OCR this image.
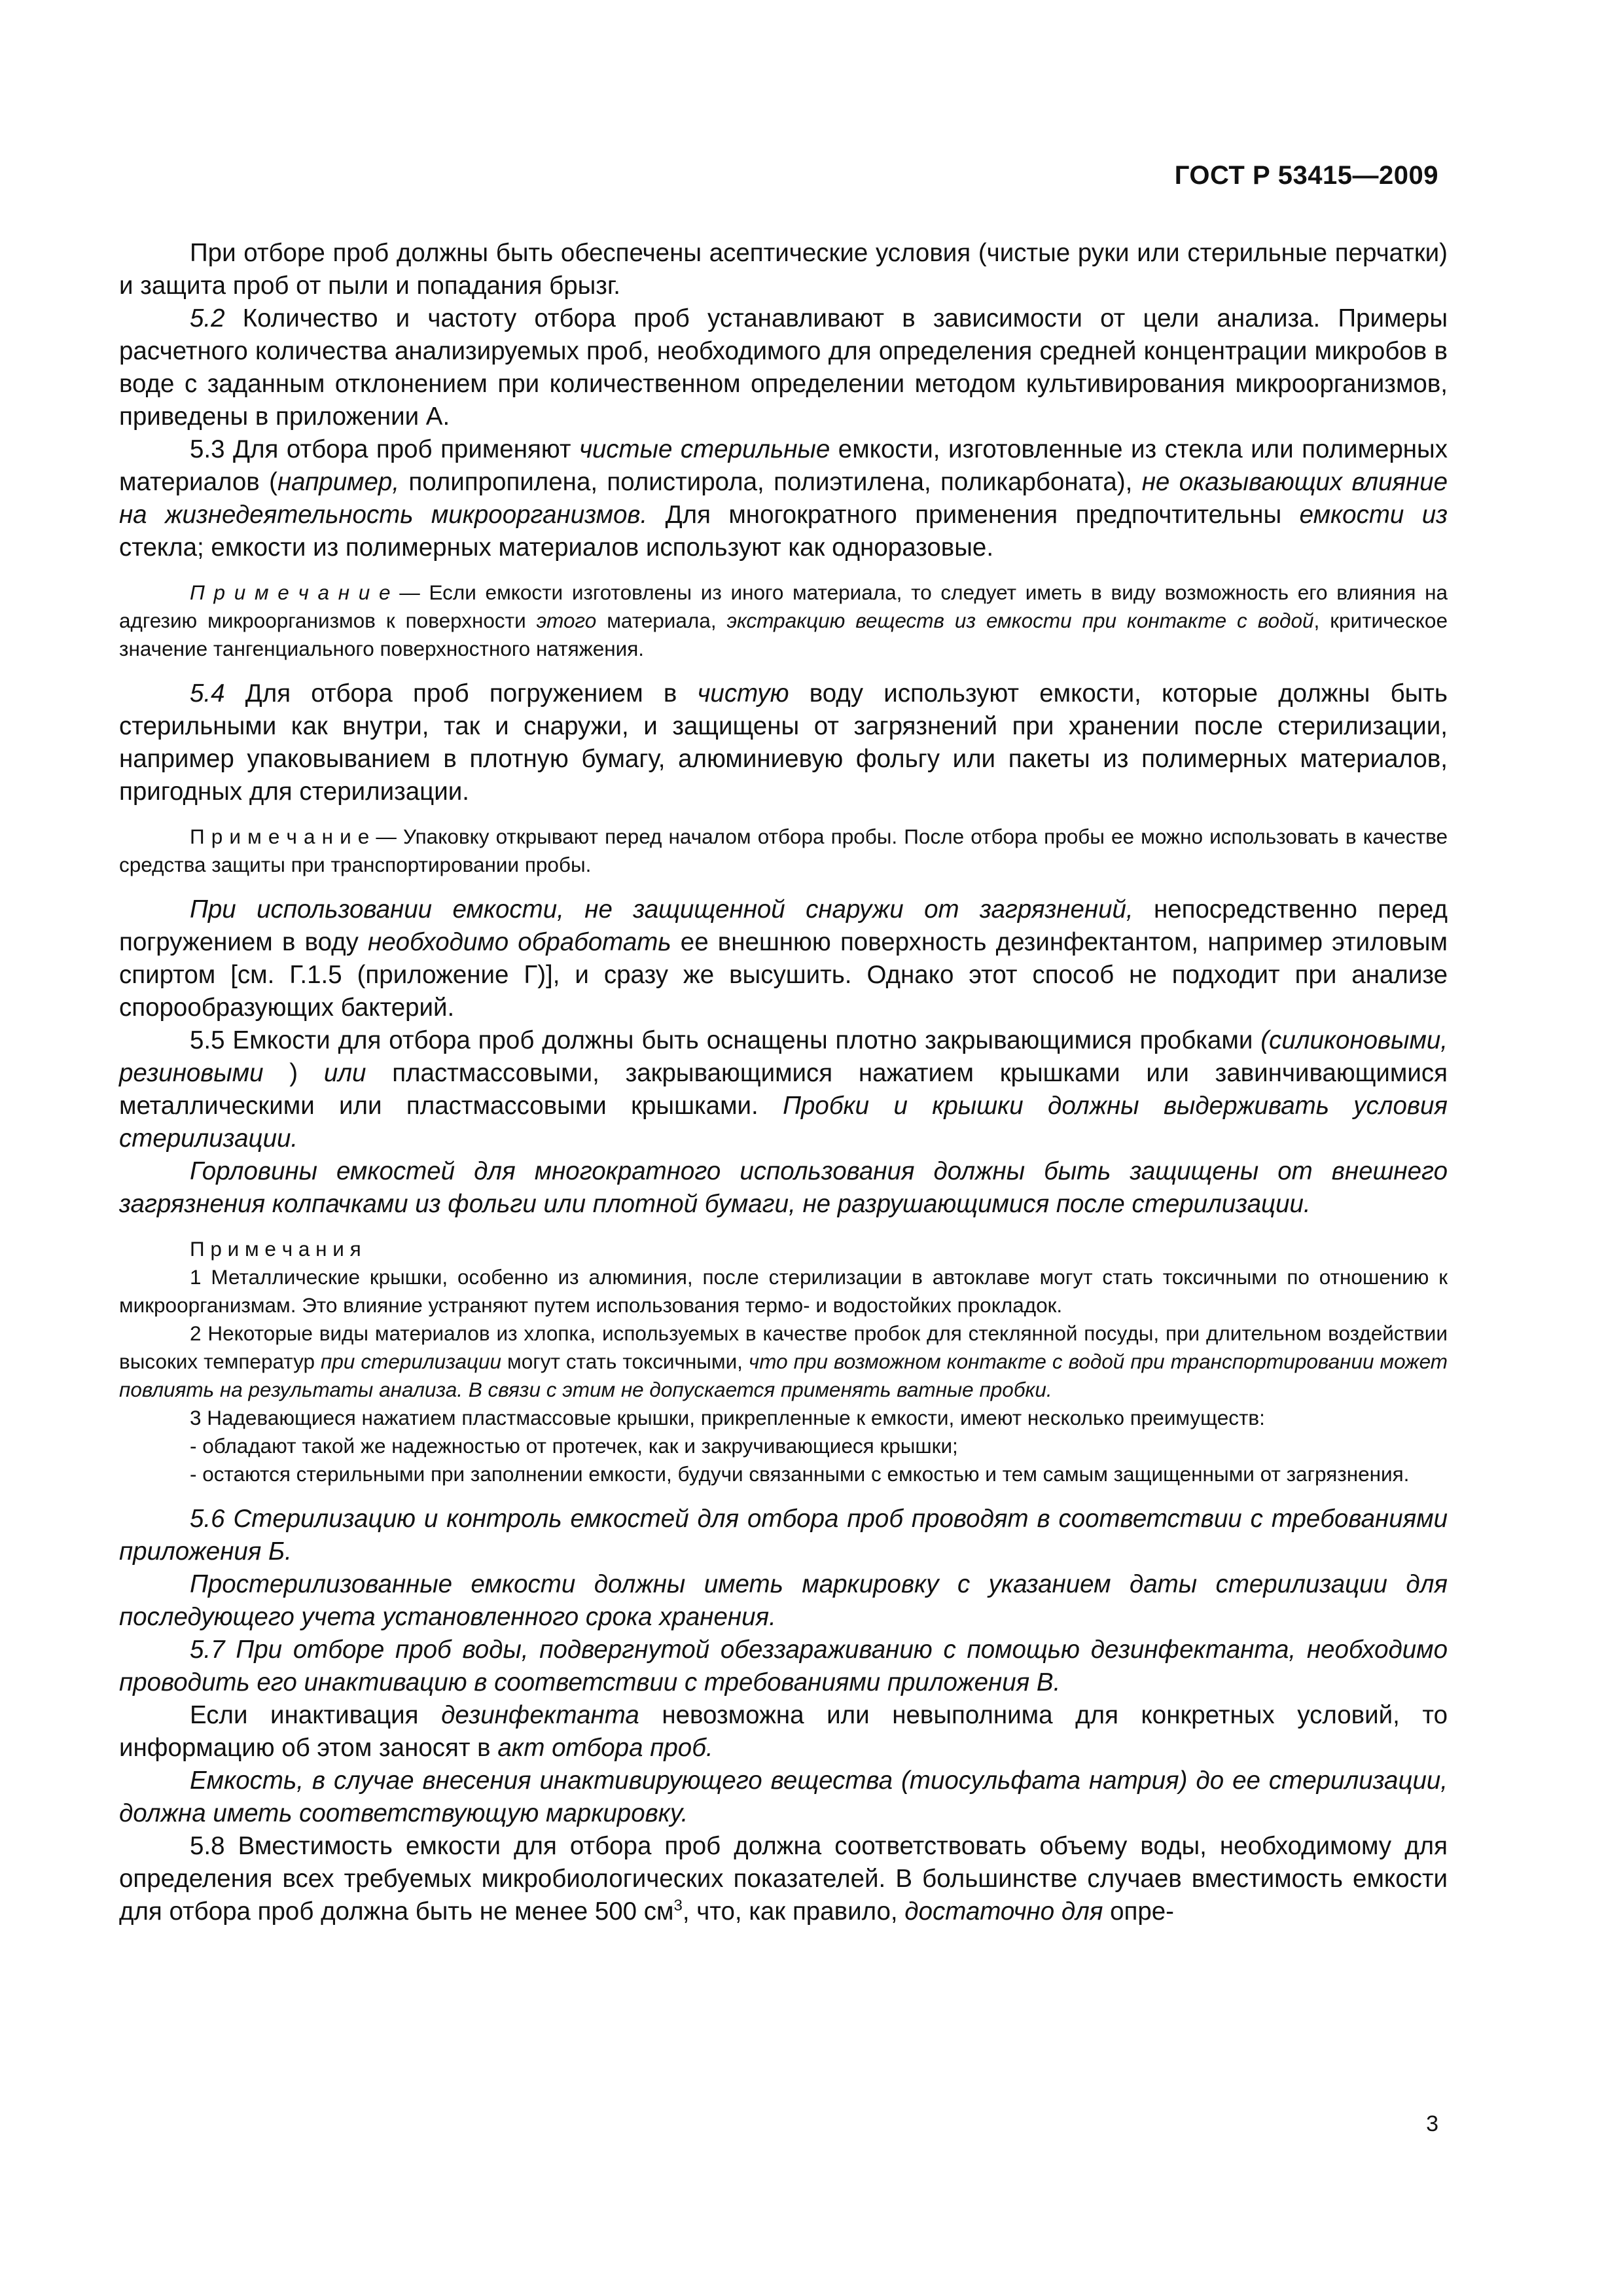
ГОСТ Р 53415—2009

При отборе проб должны быть обеспечены асептические условия (чистые руки или стерильные перчатки) и защита проб от пыли и попадания брызг.

5.2 Количество и частоту отбора проб устанавливают в зависимости от цели анализа. Примеры расчетного количества анализируемых проб, необходимого для определения средней концентрации микробов в воде с заданным отклонением при количественном определении методом культивирования микроорганизмов, приведены в приложении А.

5.3 Для отбора проб применяют чистые стерильные емкости, изготовленные из стекла или полимерных материалов (например, полипропилена, полистирола, полиэтилена, поликарбоната), не оказывающих влияние на жизнедеятельность микроорганизмов. Для многократного применения предпочтительны емкости из стекла; емкости из полимерных материалов используют как одноразовые.

П р и м е ч а н и е — Если емкости изготовлены из иного материала, то следует иметь в виду возможность его влияния на адгезию микроорганизмов к поверхности этого материала, экстракцию веществ из емкости при контакте с водой, критическое значение тангенциального поверхностного натяжения.

5.4 Для отбора проб погружением в чистую воду используют емкости, которые должны быть стерильными как внутри, так и снаружи, и защищены от загрязнений при хранении после стерилизации, например упаковыванием в плотную бумагу, алюминиевую фольгу или пакеты из полимерных материалов, пригодных для стерилизации.

П р и м е ч а н и е — Упаковку открывают перед началом отбора пробы. После отбора пробы ее можно использовать в качестве средства защиты при транспортировании пробы.

При использовании емкости, не защищенной снаружи от загрязнений, непосредственно перед погружением в воду необходимо обработать ее внешнюю поверхность дезинфектантом, например этиловым спиртом [см. Г.1.5 (приложение Г)], и сразу же высушить. Однако этот способ не подходит при анализе спорообразующих бактерий.

5.5 Емкости для отбора проб должны быть оснащены плотно закрывающимися пробками (силиконовыми, резиновыми ) или пластмассовыми, закрывающимися нажатием крышками или завинчивающимися металлическими или пластмассовыми крышками. Пробки и крышки должны выдерживать условия стерилизации.

Горловины емкостей для многократного использования должны быть защищены от внешнего загрязнения колпачками из фольги или плотной бумаги, не разрушающимися после стерилизации.

П р и м е ч а н и я

1 Металлические крышки, особенно из алюминия, после стерилизации в автоклаве могут стать токсичными по отношению к микроорганизмам. Это влияние устраняют путем использования термо- и водостойких прокладок.

2 Некоторые виды материалов из хлопка, используемых в качестве пробок для стеклянной посуды, при длительном воздействии высоких температур при стерилизации могут стать токсичными, что при возможном контакте с водой при транспортировании может повлиять на результаты анализа. В связи с этим не допускается применять ватные пробки.

3 Надевающиеся нажатием пластмассовые крышки, прикрепленные к емкости, имеют несколько преимуществ:

- обладают такой же надежностью от протечек, как и закручивающиеся крышки;

- остаются стерильными при заполнении емкости, будучи связанными с емкостью и тем самым защищенными от загрязнения.

5.6 Стерилизацию и контроль емкостей для отбора проб проводят в соответствии с требованиями приложения Б.

Простерилизованные емкости должны иметь маркировку с указанием даты стерилизации для последующего учета установленного срока хранения.

5.7 При отборе проб воды, подвергнутой обеззараживанию с помощью дезинфектанта, необходимо проводить его инактивацию в соответствии с требованиями приложения В.

Если инактивация дезинфектанта невозможна или невыполнима для конкретных условий, то информацию об этом заносят в акт отбора проб.

Емкость, в случае внесения инактивирующего вещества (тиосульфата натрия) до ее стерилизации, должна иметь соответствующую маркировку.

5.8 Вместимость емкости для отбора проб должна соответствовать объему воды, необходимому для определения всех требуемых микробиологических показателей. В большинстве случаев вместимость емкости для отбора проб должна быть не менее 500 $см^3$, что, как правило, достаточно для опре-

3
